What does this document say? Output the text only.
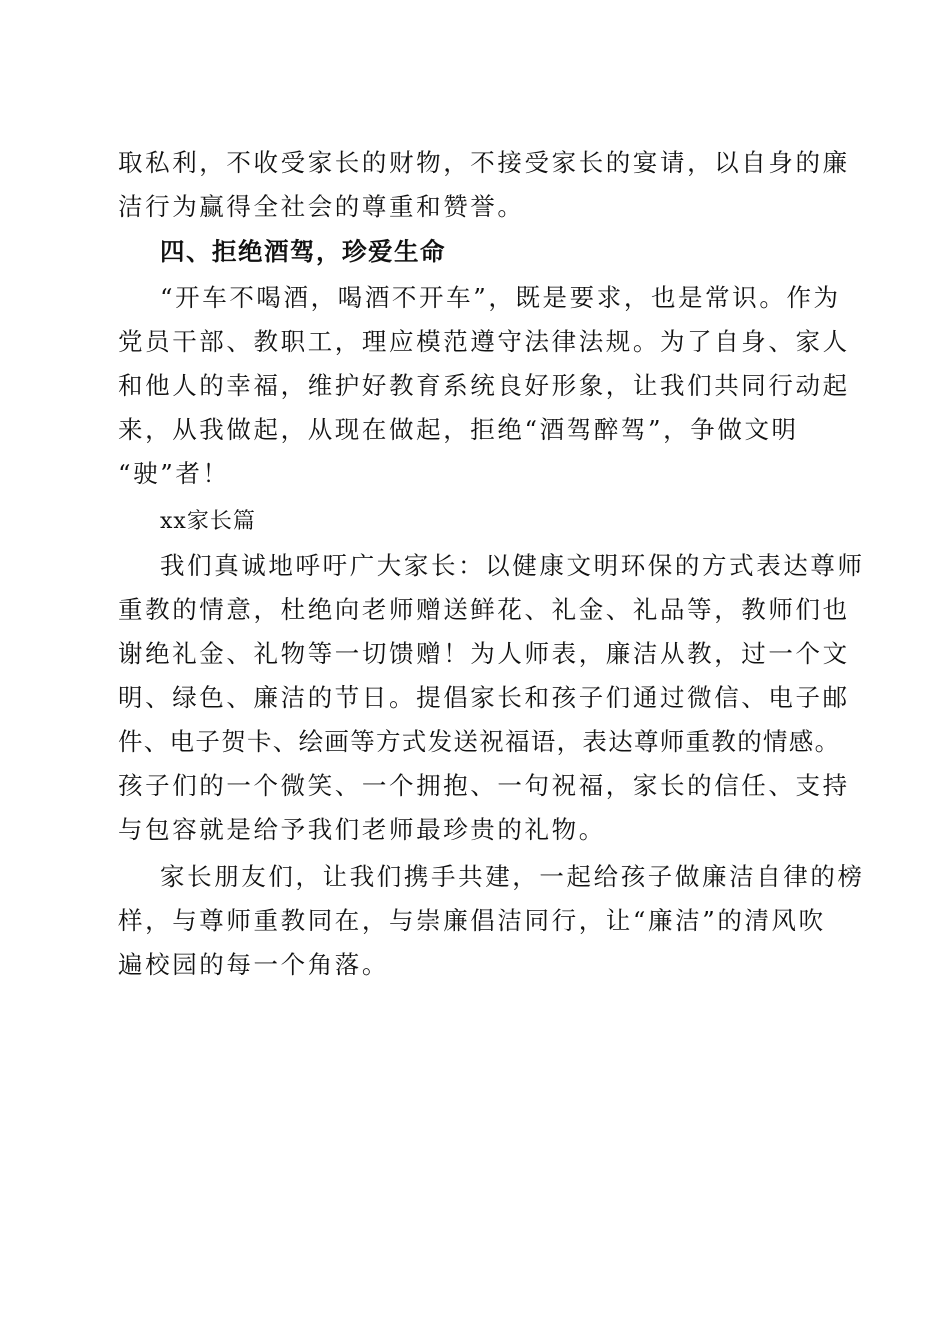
取私利，不收受家长的财物，不接受家长的宴请，以自身的廉
洁行为赢得全社会的尊重和赞誉。
四、拒绝酒驾，珍爱生命
“开车不喝酒，喝酒不开车”，既是要求，也是常识。作为
党员干部、教职工，理应模范遵守法律法规。为了自身、家人
和他人的幸福，维护好教育系统良好形象，让我们共同行动起
来，从我做起，从现在做起，拒绝“酒驾醉驾”，争做文明
“驶”者！
xx家长篇
我们真诚地呼吁广大家长：以健康文明环保的方式表达尊师
重教的情意，杜绝向老师赠送鲜花、礼金、礼品等，教师们也
谢绝礼金、礼物等一切馈赠！为人师表，廉洁从教，过一个文
明、绿色、廉洁的节日。提倡家长和孩子们通过微信、电子邮
件、电子贺卡、绘画等方式发送祝福语，表达尊师重教的情感。
孩子们的一个微笑、一个拥抱、一句祝福，家长的信任、支持
与包容就是给予我们老师最珍贵的礼物。
家长朋友们，让我们携手共建，一起给孩子做廉洁自律的榜
样，与尊师重教同在，与崇廉倡洁同行，让“廉洁”的清风吹
遍校园的每一个角落。
